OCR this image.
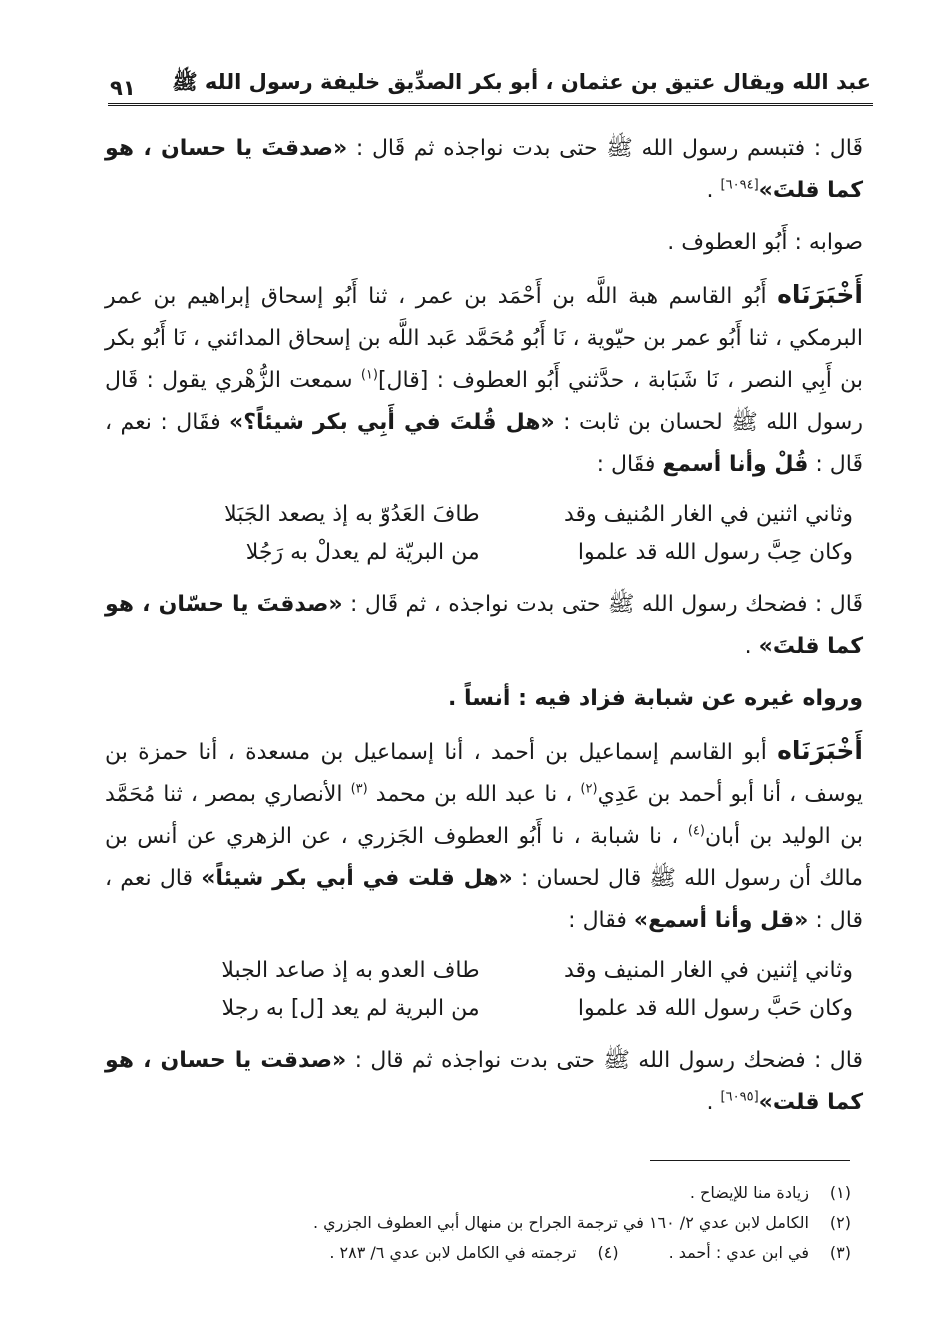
عبد الله ويقال عتيق بن عثمان ، أبو بكر الصدِّيق خليفة رسول الله ﷺ
٩١

قَال : فتبسم رسول الله ﷺ حتى بدت نواجذه ثم قَال : «صدقتَ يا حسان ، هو كما قلتَ»[٦٠٩٤] .

صوابه : أَبُو العطوف .

أَخْبَرَنَاه أَبُو القاسم هبة اللَّه بن أَحْمَد بن عمر ، ثنا أَبُو إسحاق إبراهيم بن عمر البرمكي ، ثنا أَبُو عمر بن حيّوية ، نَا أَبُو مُحَمَّد عَبد اللَّه بن إسحاق المدائني ، نَا أَبُو بكر بن أَبِي النصر ، نَا شَبَابة ، حدَّثني أَبُو العطوف : [قال]$^{(١)}$ سمعت الزُّهْري يقول : قَال رسول الله ﷺ لحسان بن ثابت : «هل قُلتَ في أَبِي بكر شيئاً؟» فقَال : نعم ، قَال : قُلْ وأنا أسمع فقَال :

وثاني اثنين في الغار المُنيف وقد
طافَ العَدُوّ به إذ يصعد الجَبَلا
وكان حِبَّ رسول الله قد علموا
من البريّة لم يعدلْ به رَجُلا

قَال : فضحك رسول الله ﷺ حتى بدت نواجذه ، ثم قَال : «صدقتَ يا حسّان ، هو كما قلتَ» .

ورواه غيره عن شبابة فزاد فيه : أنساً .

أَخْبَرَنَاه أبو القاسم إسماعيل بن أحمد ، أنا إسماعيل بن مسعدة ، أنا حمزة بن يوسف ، أنا أبو أحمد بن عَدِي$^{(٢)}$ ، نا عبد الله بن محمد $^{(٣)}$ الأنصاري بمصر ، ثنا مُحَمَّد بن الوليد بن أبان$^{(٤)}$ ، نا شبابة ، نا أَبُو العطوف الجَزري ، عن الزهري عن أنس بن مالك أن رسول الله ﷺ قال لحسان : «هل قلت في أبي بكر شيئاً» قال نعم ، قال : «قل وأنا أسمع» فقال :

وثاني إثنين في الغار المنيف وقد
طاف العدو به إذ صاعد الجبلا
وكان حَبَّ رسول الله قد علموا
من البرية لم يعد [ل] به رجلا

قال : فضحك رسول الله ﷺ حتى بدت نواجذه ثم قال : «صدقت يا حسان ، هو كما قلت»[٦٠٩٥] .

(١)
زيادة منا للإيضاح .
(٢)
الكامل لابن عدي ٢/ ١٦٠ في ترجمة الجراح بن منهال أبي العطوف الجزري .
(٣)
في ابن عدي : أحمد .
(٤)
ترجمته في الكامل لابن عدي ٦/ ٢٨٣ .
